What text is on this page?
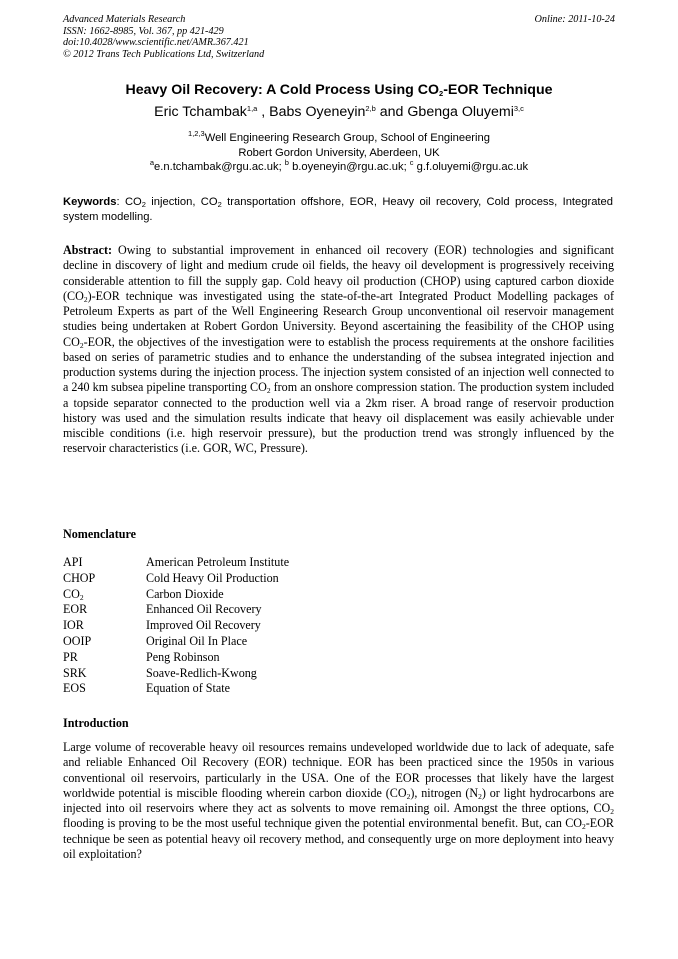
Advanced Materials Research
ISSN: 1662-8985, Vol. 367, pp 421-429
doi:10.4028/www.scientific.net/AMR.367.421
© 2012 Trans Tech Publications Ltd, Switzerland
Online: 2011-10-24
Heavy Oil Recovery: A Cold Process Using $CO_2$-EOR Technique
Eric Tchambak$^{1,a}$ , Babs Oyeneyin$^{2,b}$ and Gbenga Oluyemi$^{3,c}$
$^{1,2,3}$Well Engineering Research Group, School of Engineering
Robert Gordon University, Aberdeen, UK
$^a$e.n.tchambak@rgu.ac.uk; $^b$ b.oyeneyin@rgu.ac.uk; $^c$ g.f.oluyemi@rgu.ac.uk
Keywords: $CO_2$ injection, $CO_2$ transportation offshore, EOR, Heavy oil recovery, Cold process, Integrated system modelling.
Abstract: Owing to substantial improvement in enhanced oil recovery (EOR) technologies and significant decline in discovery of light and medium crude oil fields, the heavy oil development is progressively receiving considerable attention to fill the supply gap. Cold heavy oil production (CHOP) using captured carbon dioxide $(CO_2)$-EOR technique was investigated using the state-of-the-art Integrated Product Modelling packages of Petroleum Experts as part of the Well Engineering Research Group unconventional oil reservoir management studies being undertaken at Robert Gordon University. Beyond ascertaining the feasibility of the CHOP using $CO_2$-EOR, the objectives of the investigation were to establish the process requirements at the onshore facilities based on series of parametric studies and to enhance the understanding of the subsea integrated injection and production systems during the injection process. The injection system consisted of an injection well connected to a 240 km subsea pipeline transporting $CO_2$ from an onshore compression station. The production system included a topside separator connected to the production well via a 2km riser. A broad range of reservoir production history was used and the simulation results indicate that heavy oil displacement was easily achievable under miscible conditions (i.e. high reservoir pressure), but the production trend was strongly influenced by the reservoir characteristics (i.e. GOR, WC, Pressure).
Nomenclature
API	American Petroleum Institute
CHOP	Cold Heavy Oil Production
$CO_2$	Carbon Dioxide
EOR	Enhanced Oil Recovery
IOR	Improved Oil Recovery
OOIP	Original Oil In Place
PR	Peng Robinson
SRK	Soave-Redlich-Kwong
EOS	Equation of State
Introduction
Large volume of recoverable heavy oil resources remains undeveloped worldwide due to lack of adequate, safe and reliable Enhanced Oil Recovery (EOR) technique. EOR has been practiced since the 1950s in various conventional oil reservoirs, particularly in the USA. One of the EOR processes that likely have the largest worldwide potential is miscible flooding wherein carbon dioxide $(CO_2)$, nitrogen $(N_2)$ or light hydrocarbons are injected into oil reservoirs where they act as solvents to move remaining oil. Amongst the three options, $CO_2$ flooding is proving to be the most useful technique given the potential environmental benefit. But, can $CO_2$-EOR technique be seen as potential heavy oil recovery method, and consequently urge on more deployment into heavy oil exploitation?
